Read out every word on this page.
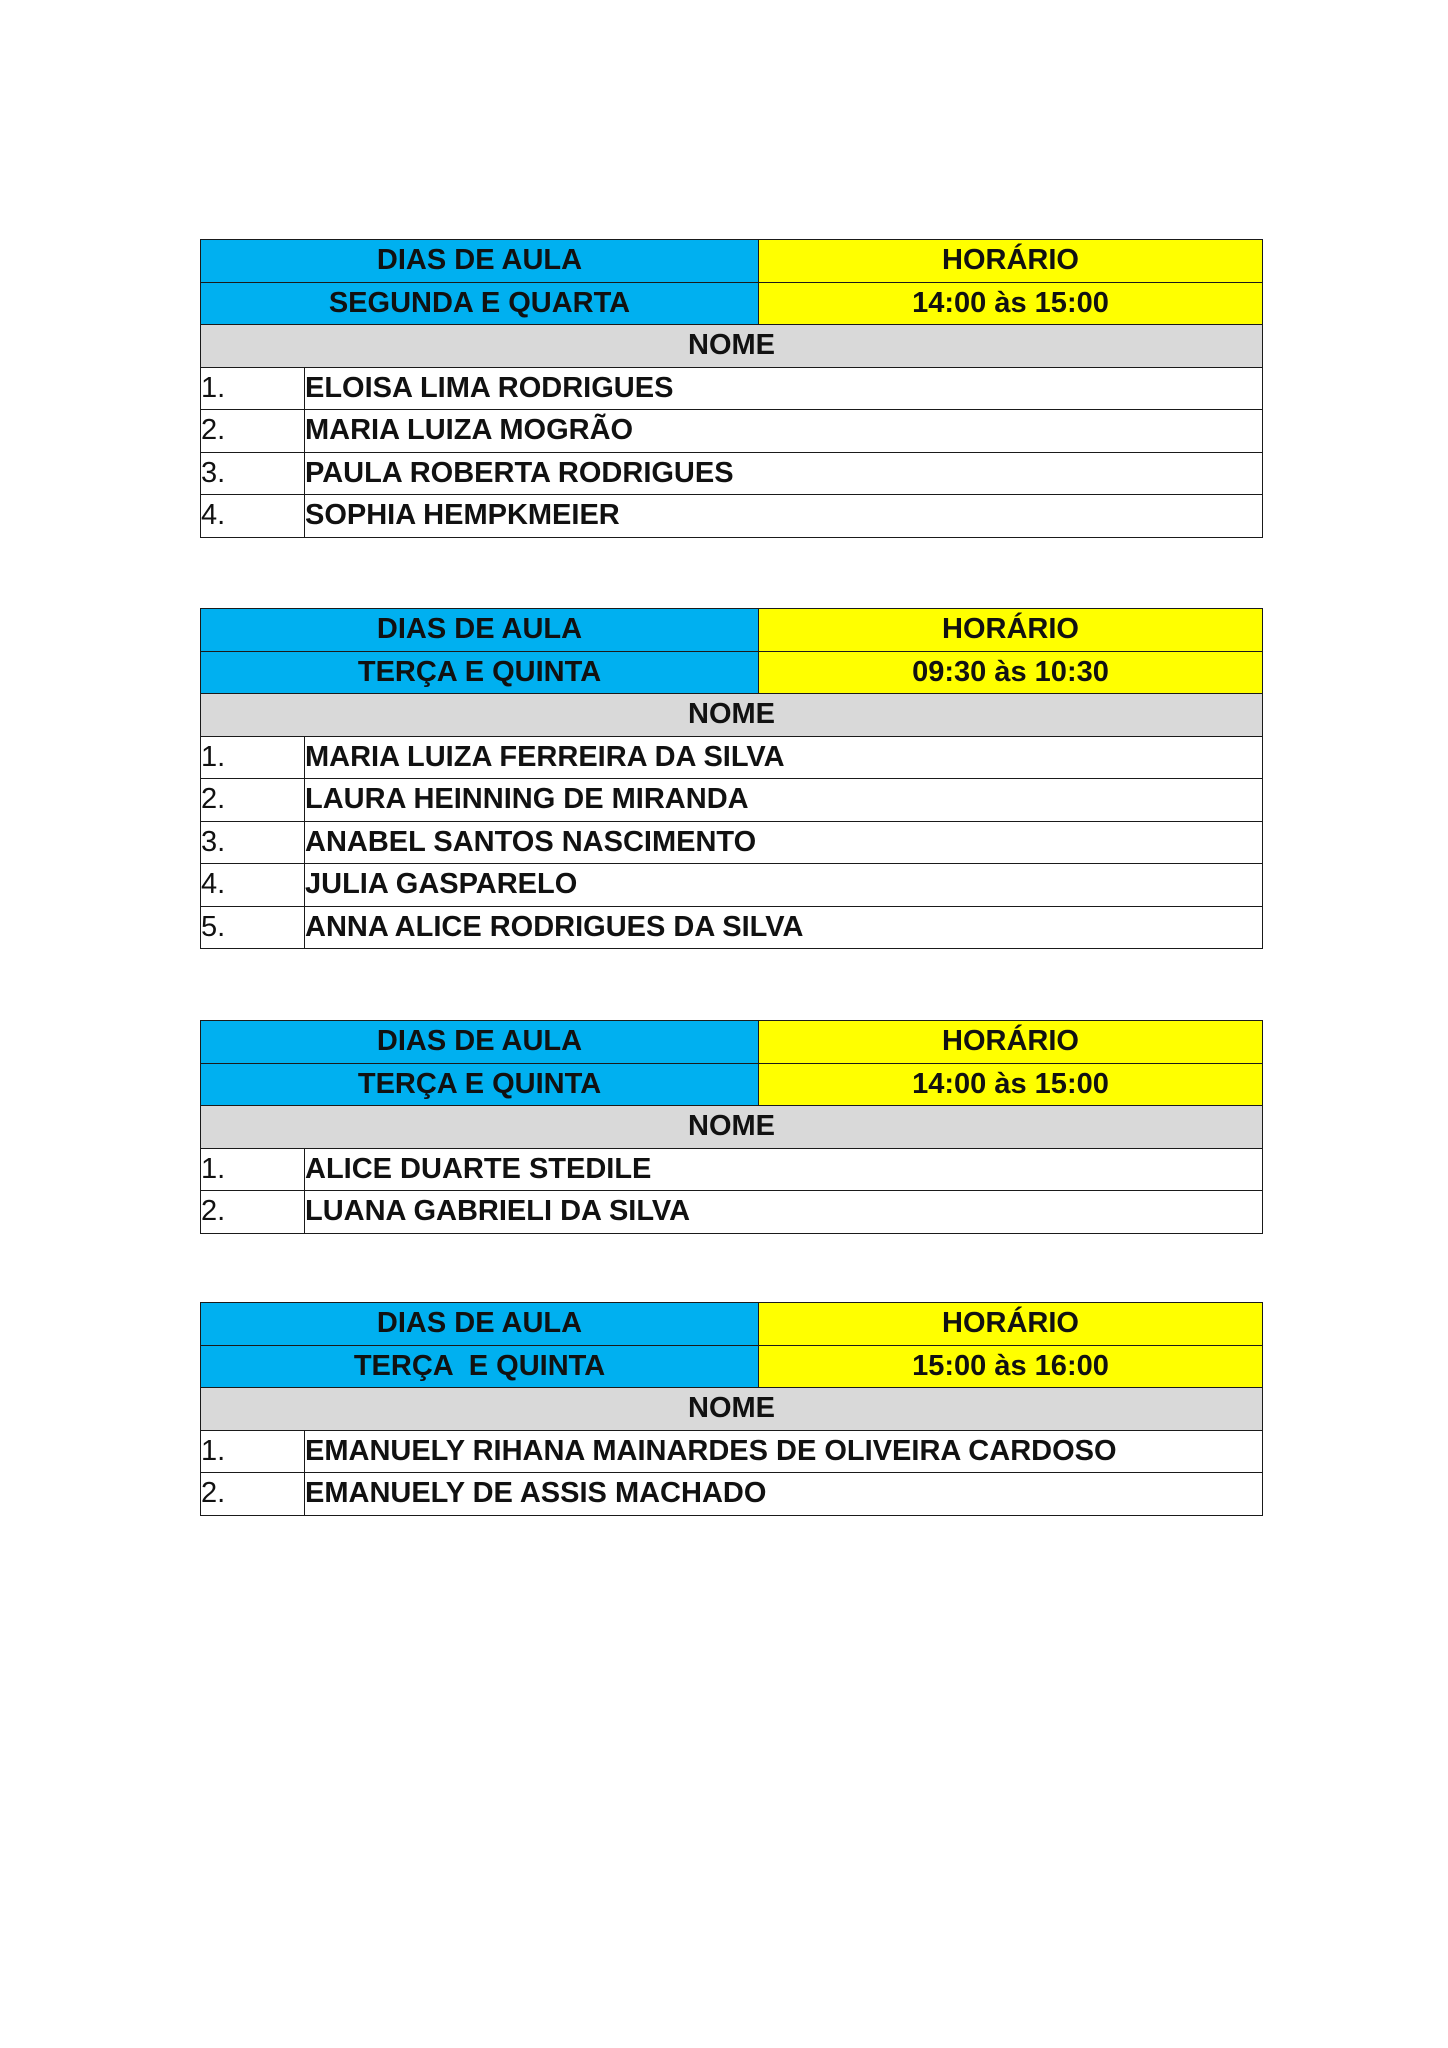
DIAS DE AULA		HORÁRIO
SEGUNDA E QUARTA		14:00 às 15:00
NOME		
1.	ELOISA LIMA RODRIGUES	
2.	MARIA LUIZA MOGRÃO	
3.	PAULA ROBERTA RODRIGUES	
4.	SOPHIA HEMPKMEIER	
DIAS DE AULA		HORÁRIO
TERÇA E QUINTA		09:30 às 10:30
NOME		
1.	MARIA LUIZA FERREIRA DA SILVA	
2.	LAURA HEINNING DE MIRANDA	
3.	ANABEL SANTOS NASCIMENTO	
4.	JULIA GASPARELO	
5.	ANNA ALICE RODRIGUES DA SILVA	
DIAS DE AULA		HORÁRIO
TERÇA E QUINTA		14:00 às 15:00
NOME		
1.	ALICE DUARTE STEDILE	
2.	LUANA GABRIELI DA SILVA	
DIAS DE AULA		HORÁRIO
TERÇA  E QUINTA		15:00 às 16:00
NOME		
1.	EMANUELY RIHANA MAINARDES DE OLIVEIRA CARDOSO	
2.	EMANUELY DE ASSIS MACHADO	
